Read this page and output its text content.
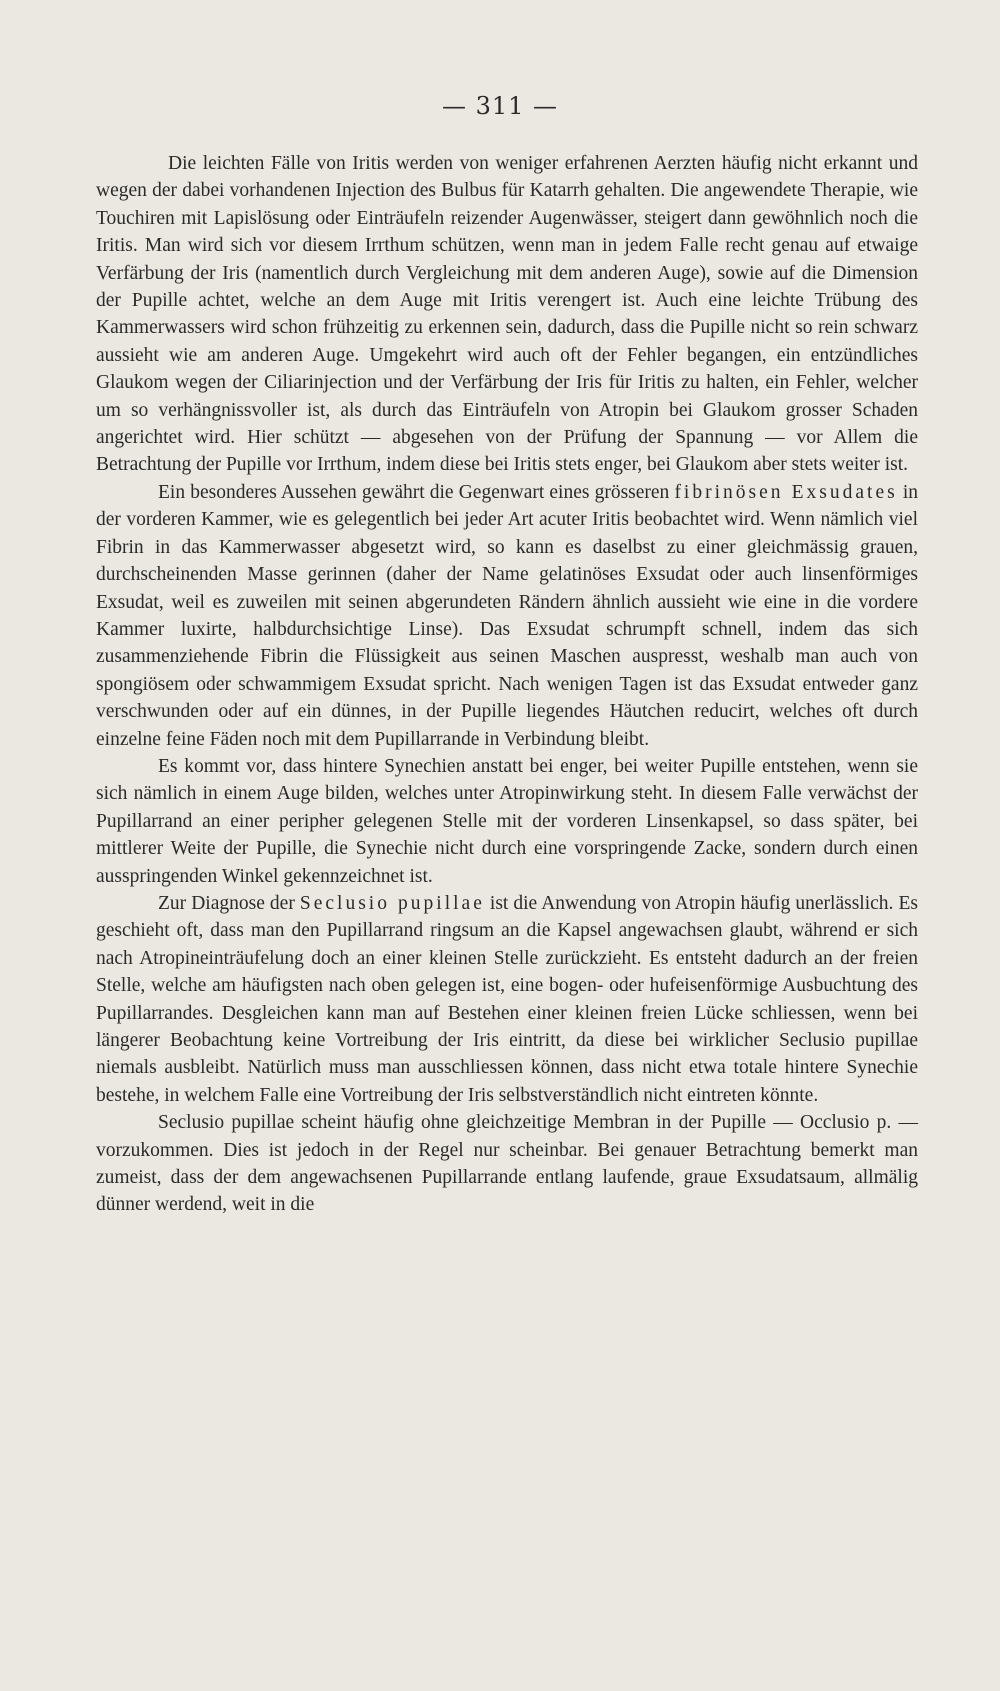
— 311 —

Die leichten Fälle von Iritis werden von weniger erfahrenen Aerzten häufig nicht erkannt und wegen der dabei vorhandenen Injection des Bulbus für Katarrh gehalten. Die angewendete Therapie, wie Touchiren mit Lapislösung oder Einträufeln reizender Augenwässer, steigert dann gewöhnlich noch die Iritis. Man wird sich vor diesem Irrthum schützen, wenn man in jedem Falle recht genau auf etwaige Verfärbung der Iris (namentlich durch Vergleichung mit dem anderen Auge), sowie auf die Dimension der Pupille achtet, welche an dem Auge mit Iritis verengert ist. Auch eine leichte Trübung des Kammerwassers wird schon frühzeitig zu erkennen sein, dadurch, dass die Pupille nicht so rein schwarz aussieht wie am anderen Auge. Umgekehrt wird auch oft der Fehler begangen, ein entzündliches Glaukom wegen der Ciliarinjection und der Verfärbung der Iris für Iritis zu halten, ein Fehler, welcher um so verhängnissvoller ist, als durch das Einträufeln von Atropin bei Glaukom grosser Schaden angerichtet wird. Hier schützt — abgesehen von der Prüfung der Spannung — vor Allem die Betrachtung der Pupille vor Irrthum, indem diese bei Iritis stets enger, bei Glaukom aber stets weiter ist.

Ein besonderes Aussehen gewährt die Gegenwart eines grösseren fibrinösen Exsudates in der vorderen Kammer, wie es gelegentlich bei jeder Art acuter Iritis beobachtet wird. Wenn nämlich viel Fibrin in das Kammerwasser abgesetzt wird, so kann es daselbst zu einer gleichmässig grauen, durchscheinenden Masse gerinnen (daher der Name gelatinöses Exsudat oder auch linsenförmiges Exsudat, weil es zuweilen mit seinen abgerundeten Rändern ähnlich aussieht wie eine in die vordere Kammer luxirte, halbdurchsichtige Linse). Das Exsudat schrumpft schnell, indem das sich zusammenziehende Fibrin die Flüssigkeit aus seinen Maschen auspresst, weshalb man auch von spongiösem oder schwammigem Exsudat spricht. Nach wenigen Tagen ist das Exsudat entweder ganz verschwunden oder auf ein dünnes, in der Pupille liegendes Häutchen reducirt, welches oft durch einzelne feine Fäden noch mit dem Pupillarrande in Verbindung bleibt.

Es kommt vor, dass hintere Synechien anstatt bei enger, bei weiter Pupille entstehen, wenn sie sich nämlich in einem Auge bilden, welches unter Atropinwirkung steht. In diesem Falle verwächst der Pupillarrand an einer peripher gelegenen Stelle mit der vorderen Linsenkapsel, so dass später, bei mittlerer Weite der Pupille, die Synechie nicht durch eine vorspringende Zacke, sondern durch einen ausspringenden Winkel gekennzeichnet ist.

Zur Diagnose der Seclusio pupillae ist die Anwendung von Atropin häufig unerlässlich. Es geschieht oft, dass man den Pupillarrand ringsum an die Kapsel angewachsen glaubt, während er sich nach Atropineinträufelung doch an einer kleinen Stelle zurückzieht. Es entsteht dadurch an der freien Stelle, welche am häufigsten nach oben gelegen ist, eine bogen- oder hufeisenförmige Ausbuchtung des Pupillarrandes. Desgleichen kann man auf Bestehen einer kleinen freien Lücke schliessen, wenn bei längerer Beobachtung keine Vortreibung der Iris eintritt, da diese bei wirklicher Seclusio pupillae niemals ausbleibt. Natürlich muss man ausschliessen können, dass nicht etwa totale hintere Synechie bestehe, in welchem Falle eine Vortreibung der Iris selbstverständlich nicht eintreten könnte.

Seclusio pupillae scheint häufig ohne gleichzeitige Membran in der Pupille — Occlusio p. — vorzukommen. Dies ist jedoch in der Regel nur scheinbar. Bei genauer Betrachtung bemerkt man zumeist, dass der dem angewachsenen Pupillarrande entlang laufende, graue Exsudatsaum, allmälig dünner werdend, weit in die
